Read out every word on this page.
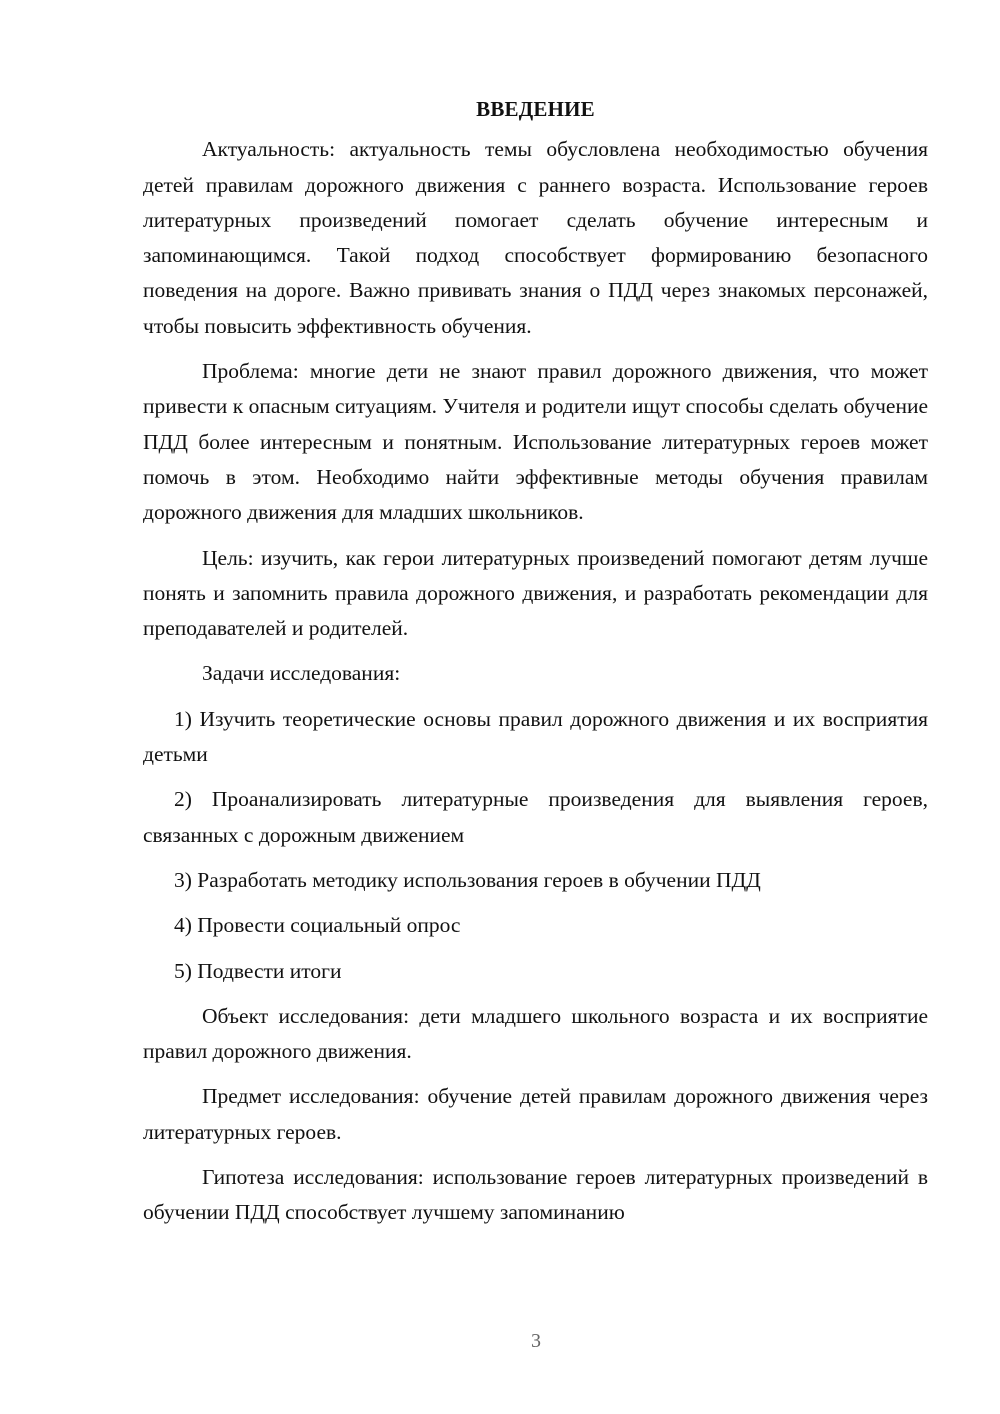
ВВЕДЕНИЕ

Актуальность: актуальность темы обусловлена необходимостью обучения детей правилам дорожного движения с раннего возраста. Использование героев литературных произведений помогает сделать обучение интересным и запоминающимся. Такой подход способствует формированию безопасного поведения на дороге. Важно прививать знания о ПДД через знакомых персонажей, чтобы повысить эффективность обучения.

Проблема: многие дети не знают правил дорожного движения, что может привести к опасным ситуациям. Учителя и родители ищут способы сделать обучение ПДД более интересным и понятным. Использование литературных героев может помочь в этом. Необходимо найти эффективные методы обучения правилам дорожного движения для младших школьников.

Цель: изучить, как герои литературных произведений помогают детям лучше понять и запомнить правила дорожного движения, и разработать рекомендации для преподавателей и родителей.

Задачи исследования:

1) Изучить теоретические основы правил дорожного движения и их восприятия детьми

2) Проанализировать литературные произведения для выявления героев, связанных с дорожным движением

3) Разработать методику использования героев в обучении ПДД

4) Провести социальный опрос

5) Подвести итоги

Объект исследования: дети младшего школьного возраста и их восприятие правил дорожного движения.

Предмет исследования: обучение детей правилам дорожного движения через литературных героев.

Гипотеза исследования: использование героев литературных произведений в обучении ПДД способствует лучшему запоминанию

3
